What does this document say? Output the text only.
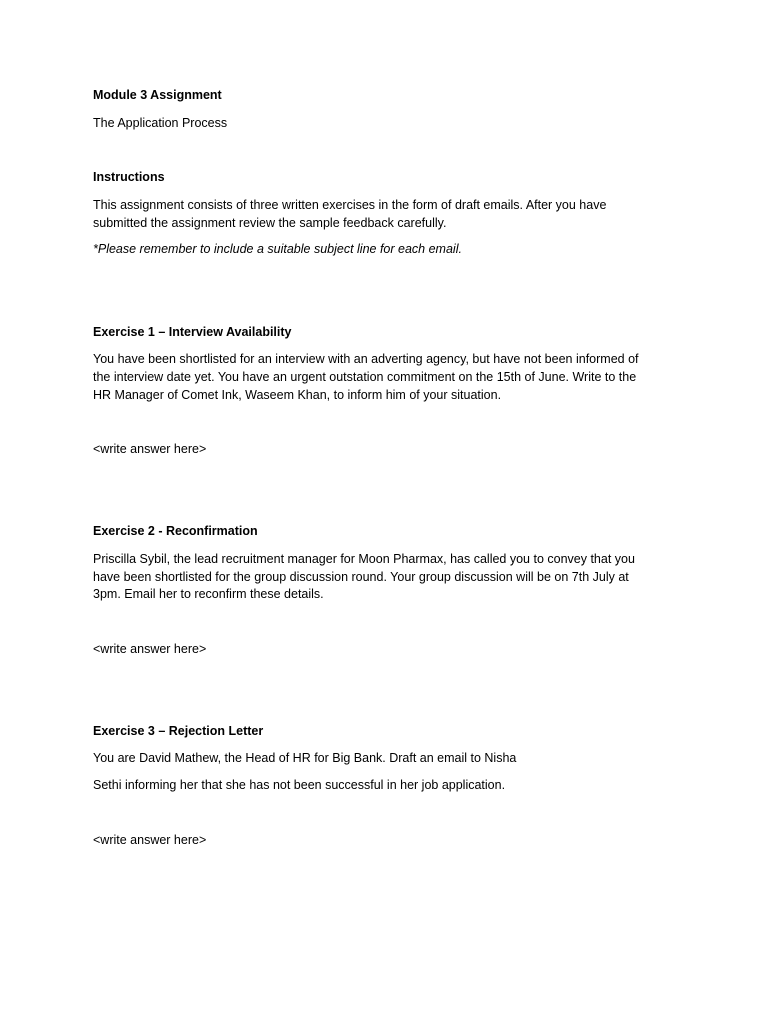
Module 3 Assignment

The Application Process

Instructions

This assignment consists of three written exercises in the form of draft emails. After you have

submitted the assignment review the sample feedback carefully.

*Please remember to include a suitable subject line for each email.

Exercise 1 – Interview Availability

You have been shortlisted for an interview with an adverting agency, but have not been informed of

the interview date yet. You have an urgent outstation commitment on the 15th of June. Write to the

HR Manager of Comet Ink, Waseem Khan, to inform him of your situation.

<write answer here>

Exercise 2 - Reconfirmation

Priscilla Sybil, the lead recruitment manager for Moon Pharmax, has called you to convey that you

have been shortlisted for the group discussion round. Your group discussion will be on 7th July at

3pm. Email her to reconfirm these details.

<write answer here>

Exercise 3 – Rejection Letter

You are David Mathew, the Head of HR for Big Bank. Draft an email to Nisha

Sethi informing her that she has not been successful in her job application.

<write answer here>
